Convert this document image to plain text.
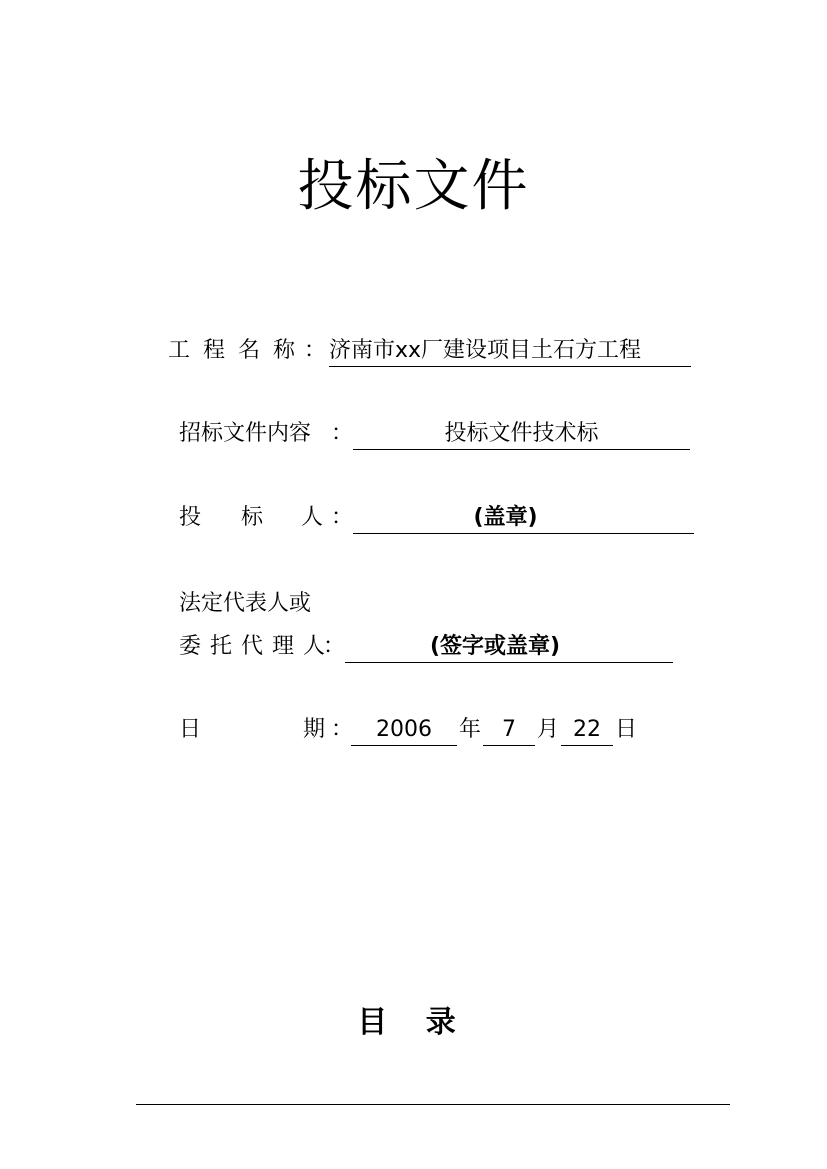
投标文件
工 程 名 称 ： 济南市xx厂建设项目土石方工程
招标文件内容 ：	投标文件技术标
投 标 人 ：	(盖章)
法定代表人或
委 托 代 理 人
：	(签字或盖章)
日	期 ：	2006	年 7 月 22 日
目 录
